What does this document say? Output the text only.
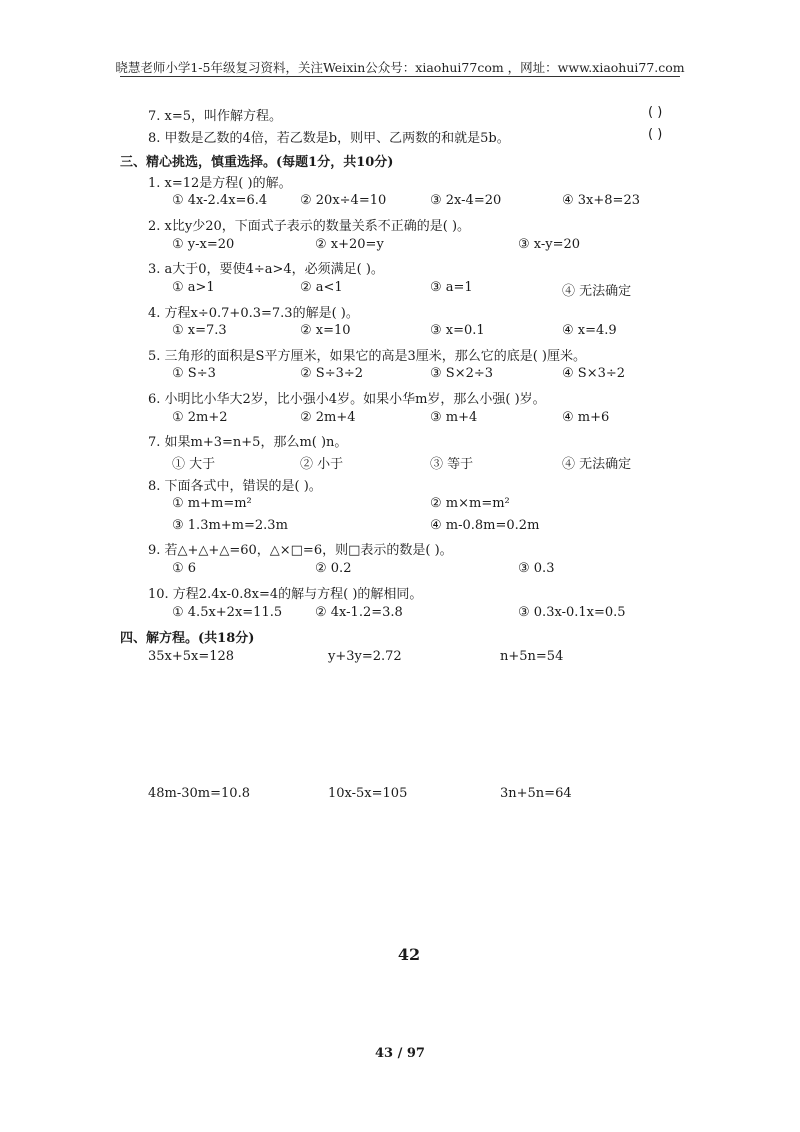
晓慧老师小学1-5年级复习资料，关注Weixin公众号：xiaohui77com ，网址：www.xiaohui77.com
7. x=5，叫作解方程。	( )
8. 甲数是乙数的4倍，若乙数是b，则甲、乙两数的和就是5b。	( )
三、精心挑选，慎重选择。(每题1分，共10分)
1. x=12是方程( )的解。
① 4x-2.4x=6.4	② 20x÷4=10	③ 2x-4=20	④ 3x+8=23
2. x比y少20，下面式子表示的数量关系不正确的是( )。
① y-x=20	② x+20=y	③ x-y=20
3. a大于0，要使4÷a>4，必须满足( )。
① a>1	② a<1	③ a=1	④ 无法确定
4. 方程x÷0.7+0.3=7.3的解是( )。
① x=7.3	② x=10	③ x=0.1	④ x=4.9
5. 三角形的面积是S平方厘米，如果它的高是3厘米，那么它的底是( )厘米。
① S÷3	② S÷3÷2	③ S×2÷3	④ S×3÷2
6. 小明比小华大2岁，比小强小4岁。如果小华m岁，那么小强( )岁。
① 2m+2	② 2m+4	③ m+4	④ m+6
7. 如果m+3=n+5，那么m( )n。
① 大于	② 小于	③ 等于	④ 无法确定
8. 下面各式中，错误的是( )。
① m+m=m²	② m×m=m²
③ 1.3m+m=2.3m	④ m-0.8m=0.2m
9. 若△+△+△=60，△×□=6，则□表示的数是( )。
① 6	② 0.2	③ 0.3
10. 方程2.4x-0.8x=4的解与方程( )的解相同。
① 4.5x+2x=11.5	② 4x-1.2=3.8	③ 0.3x-0.1x=0.5
四、解方程。(共18分)
35x+5x=128	y+3y=2.72	n+5n=54
48m-30m=10.8	10x-5x=105	3n+5n=64
42
43 / 97
